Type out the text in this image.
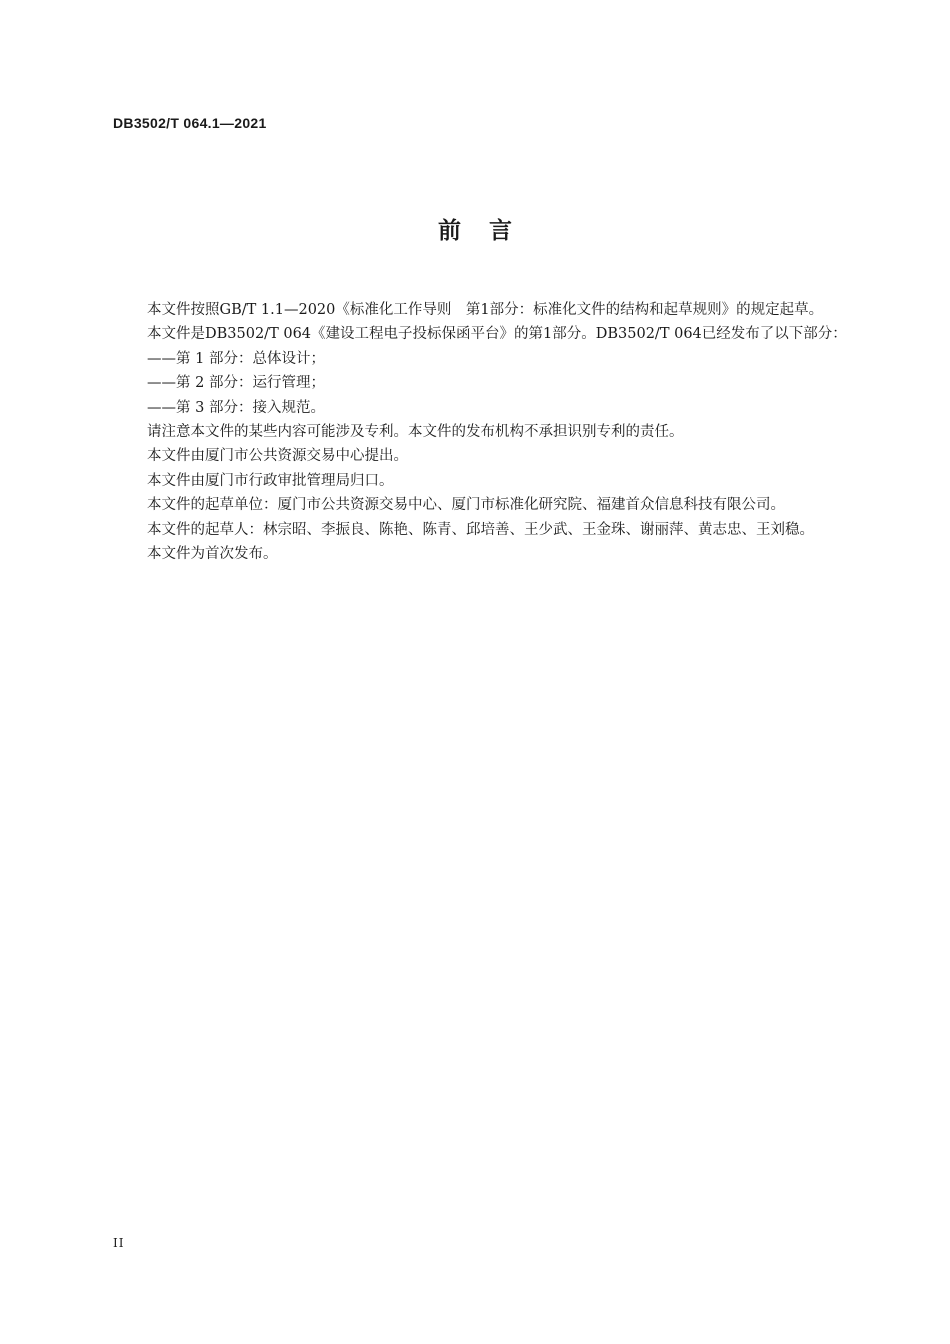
DB3502/T 064.1—2021
前言

本文件按照GB/T 1.1—2020《标准化工作导则　第1部分：标准化文件的结构和起草规则》的规定起草。

本文件是DB3502/T 064《建设工程电子投标保函平台》的第1部分。DB3502/T 064已经发布了以下部分：

——第 1 部分：总体设计；

——第 2 部分：运行管理；

——第 3 部分：接入规范。

请注意本文件的某些内容可能涉及专利。本文件的发布机构不承担识别专利的责任。

本文件由厦门市公共资源交易中心提出。

本文件由厦门市行政审批管理局归口。

本文件的起草单位：厦门市公共资源交易中心、厦门市标准化研究院、福建首众信息科技有限公司。

本文件的起草人：林宗昭、李振良、陈艳、陈青、邱培善、王少武、王金珠、谢丽萍、黄志忠、王刘稳。

本文件为首次发布。

II
